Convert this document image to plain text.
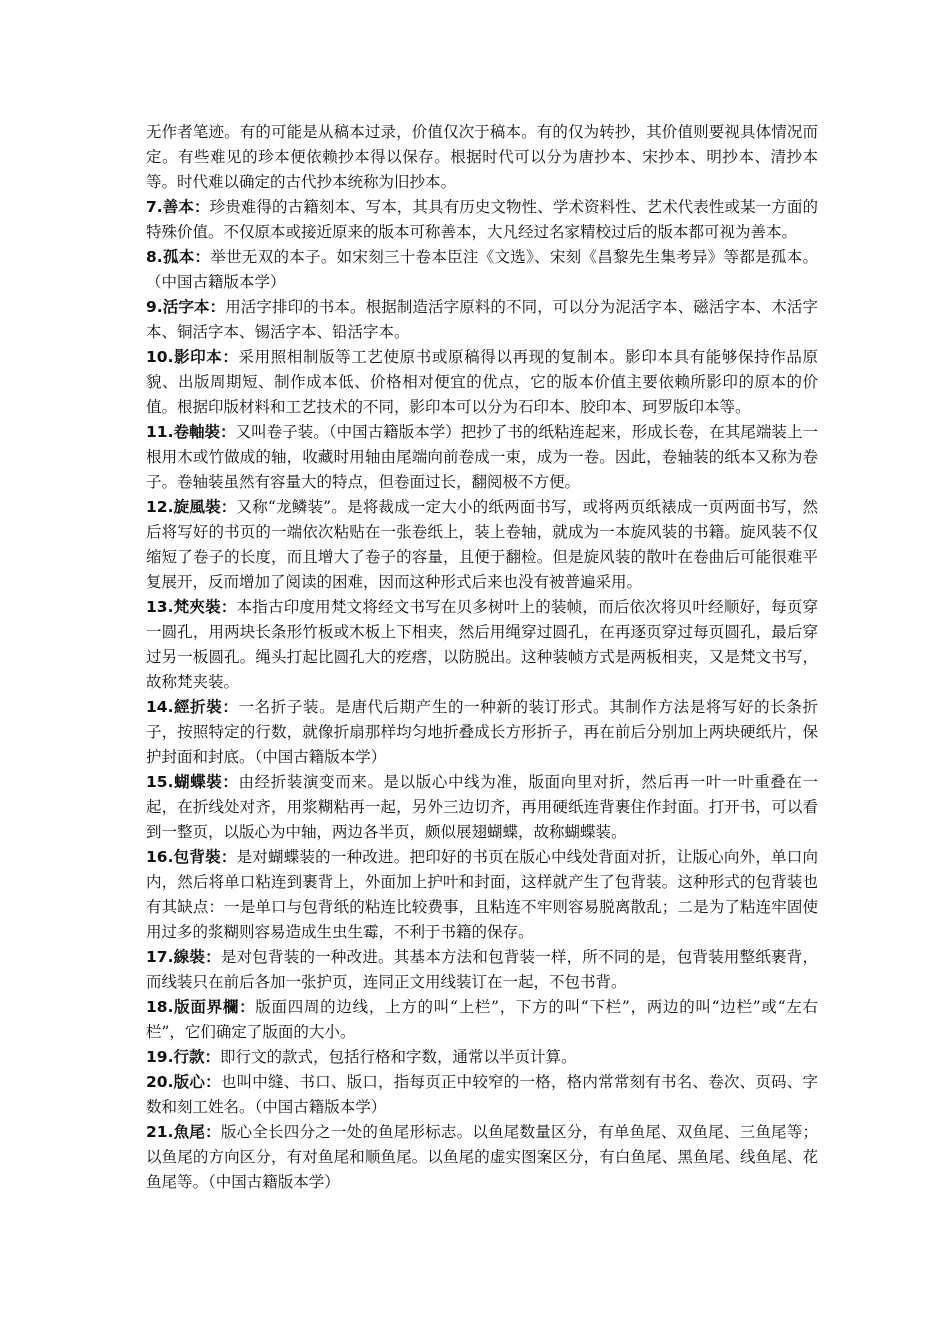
无作者笔迹。有的可能是从稿本过录，价值仅次于稿本。有的仅为转抄，其价值则要视具体情况而定。有些难见的珍本便依赖抄本得以保存。根据时代可以分为唐抄本、宋抄本、明抄本、清抄本等。时代难以确定的古代抄本统称为旧抄本。

7.善本：珍贵难得的古籍刻本、写本，其具有历史文物性、学术资料性、艺术代表性或某一方面的特殊价值。不仅原本或接近原来的版本可称善本，大凡经过名家精校过后的版本都可视为善本。

8.孤本：举世无双的本子。如宋刻三十卷本臣注《文选》、宋刻《昌黎先生集考异》等都是孤本。（中国古籍版本学）

9.活字本：用活字排印的书本。根据制造活字原料的不同，可以分为泥活字本、磁活字本、木活字本、铜活字本、锡活字本、铅活字本。

10.影印本：采用照相制版等工艺使原书或原稿得以再现的复制本。影印本具有能够保持作品原貌、出版周期短、制作成本低、价格相对便宜的优点，它的版本价值主要依赖所影印的原本的价值。根据印版材料和工艺技术的不同，影印本可以分为石印本、胶印本、珂罗版印本等。

11.卷軸裝：又叫卷子装。（中国古籍版本学）把抄了书的纸粘连起来，形成长卷，在其尾端装上一根用木或竹做成的轴，收藏时用轴由尾端向前卷成一束，成为一卷。因此，卷轴装的纸本又称为卷子。卷轴装虽然有容量大的特点，但卷面过长，翻阅极不方便。

12.旋風裝：又称“龙鳞装”。是将裁成一定大小的纸两面书写，或将两页纸裱成一页两面书写，然后将写好的书页的一端依次粘贴在一张卷纸上，装上卷轴，就成为一本旋风装的书籍。旋风装不仅缩短了卷子的长度，而且增大了卷子的容量，且便于翻检。但是旋风装的散叶在卷曲后可能很难平复展开，反而增加了阅读的困难，因而这种形式后来也没有被普遍采用。

13.梵夾裝：本指古印度用梵文将经文书写在贝多树叶上的装帧，而后依次将贝叶经顺好，每页穿一圆孔，用两块长条形竹板或木板上下相夹，然后用绳穿过圆孔，在再逐页穿过每页圆孔，最后穿过另一板圆孔。绳头打起比圆孔大的疙瘩，以防脱出。这种装帧方式是两板相夹，又是梵文书写，故称梵夹装。

14.經折裝：一名折子装。是唐代后期产生的一种新的装订形式。其制作方法是将写好的长条折子，按照特定的行数，就像折扇那样均匀地折叠成长方形折子，再在前后分别加上两块硬纸片，保护封面和封底。（中国古籍版本学）

15.蝴蝶裝：由经折装演变而来。是以版心中线为准，版面向里对折，然后再一叶一叶重叠在一起，在折线处对齐，用浆糊粘再一起，另外三边切齐，再用硬纸连背裹住作封面。打开书，可以看到一整页，以版心为中轴，两边各半页，颇似展翅蝴蝶，故称蝴蝶装。

16.包背裝：是对蝴蝶装的一种改进。把印好的书页在版心中线处背面对折，让版心向外，单口向内，然后将单口粘连到裹背上，外面加上护叶和封面，这样就产生了包背装。这种形式的包背装也有其缺点：一是单口与包背纸的粘连比较费事，且粘连不牢则容易脱离散乱；二是为了粘连牢固使用过多的浆糊则容易造成生虫生霉，不利于书籍的保存。

17.線裝：是对包背装的一种改进。其基本方法和包背装一样，所不同的是，包背装用整纸裹背，而线装只在前后各加一张护页，连同正文用线装订在一起，不包书背。

18.版面界欄：版面四周的边线，上方的叫“上栏”，下方的叫“下栏”，两边的叫“边栏”或“左右栏”，它们确定了版面的大小。

19.行款：即行文的款式，包括行格和字数，通常以半页计算。

20.版心：也叫中缝、书口、版口，指每页正中较窄的一格，格内常常刻有书名、卷次、页码、字数和刻工姓名。（中国古籍版本学）

21.魚尾：版心全长四分之一处的鱼尾形标志。以鱼尾数量区分，有单鱼尾、双鱼尾、三鱼尾等；以鱼尾的方向区分，有对鱼尾和顺鱼尾。以鱼尾的虚实图案区分，有白鱼尾、黑鱼尾、线鱼尾、花鱼尾等。（中国古籍版本学）
